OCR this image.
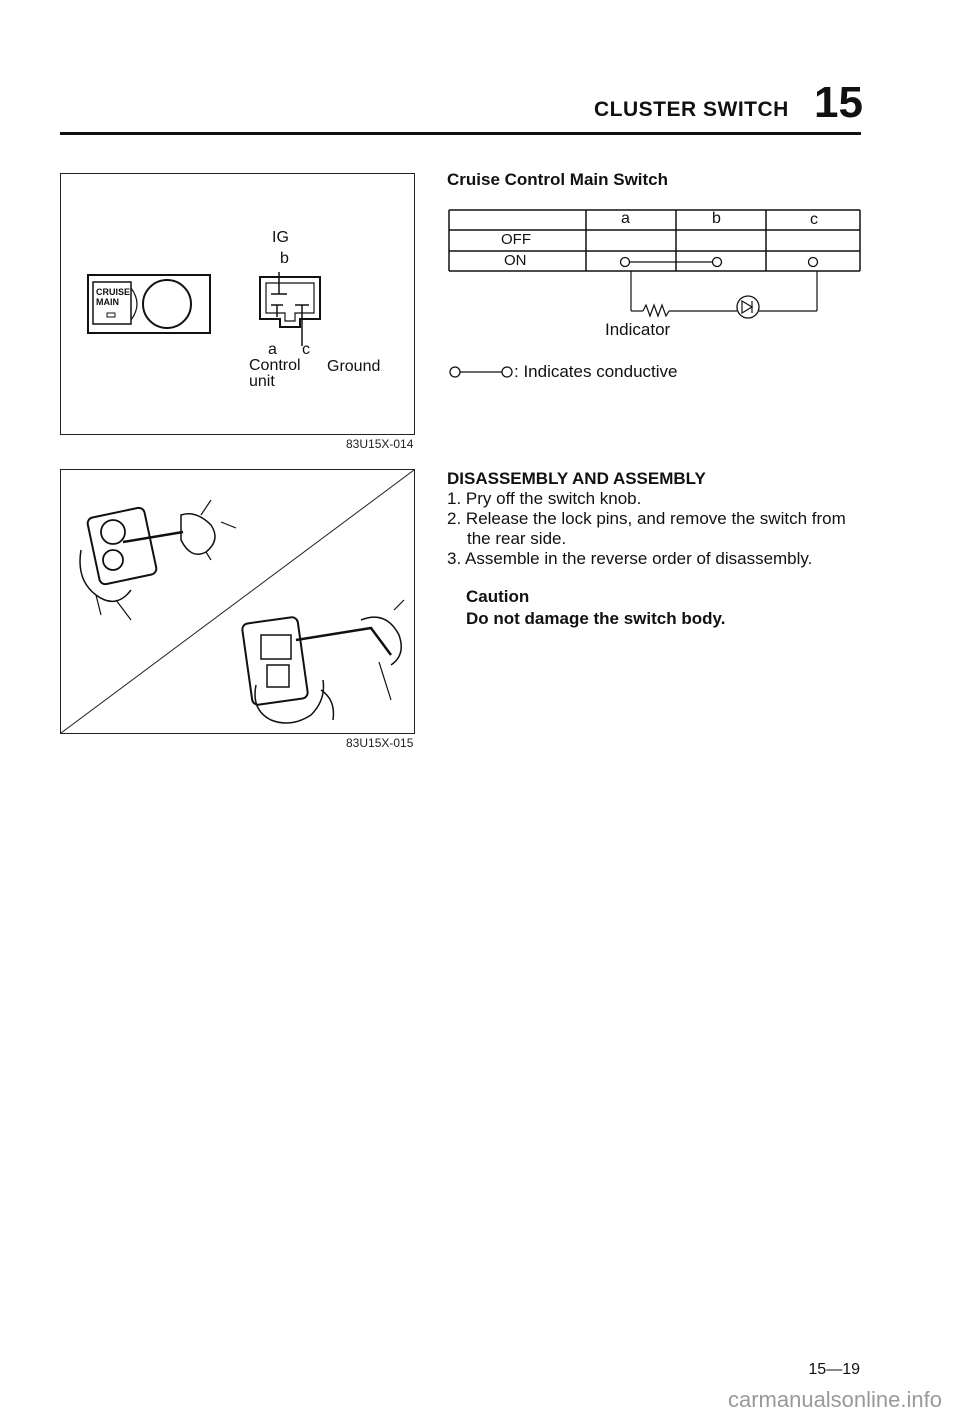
CLUSTER SWITCH 15
CRUISE
MAIN
IG
b
a c
Control
unit
Ground
83U15X-014
83U15X-015
Cruise Control Main Switch
a	b	c
OFF
ON
Indicator
: Indicates conductive
DISASSEMBLY AND ASSEMBLY
1. Pry off the switch knob.
2. Release the lock pins, and remove the switch from
the rear side.
3. Assemble in the reverse order of disassembly.
Caution
Do not damage the switch body.
15—19
carmanualsonline.info
